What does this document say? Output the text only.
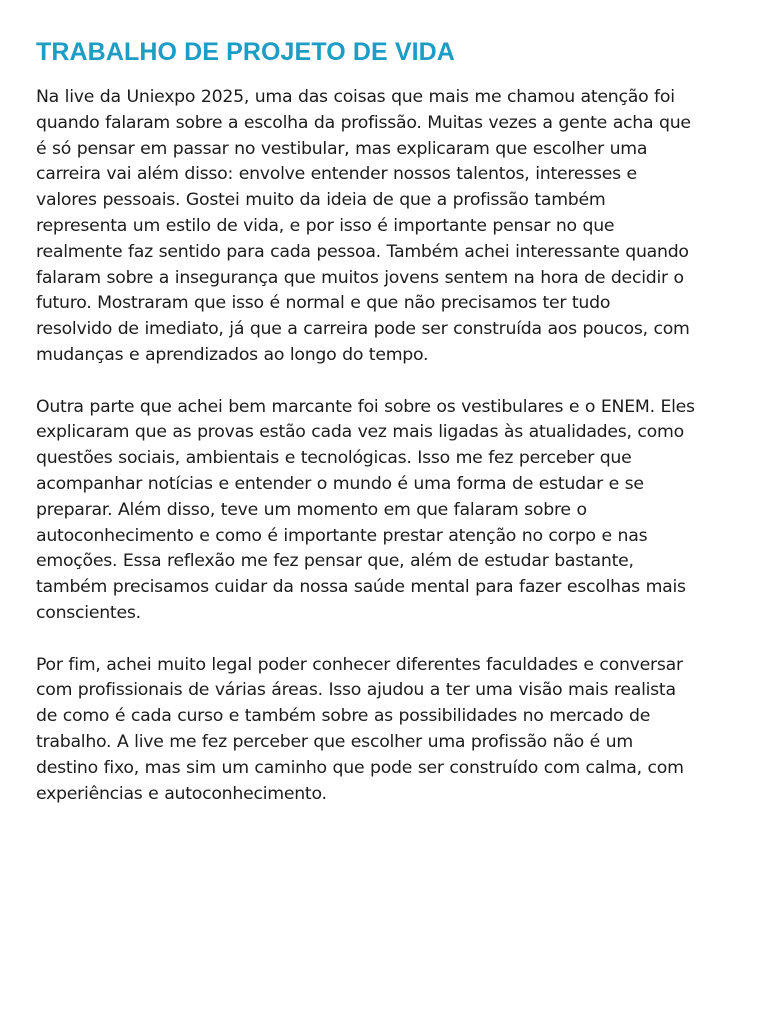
TRABALHO DE PROJETO DE VIDA

Na live da Uniexpo 2025, uma das coisas que mais me chamou atenção foi
quando falaram sobre a escolha da profissão. Muitas vezes a gente acha que
é só pensar em passar no vestibular, mas explicaram que escolher uma
carreira vai além disso: envolve entender nossos talentos, interesses e
valores pessoais. Gostei muito da ideia de que a profissão também
representa um estilo de vida, e por isso é importante pensar no que
realmente faz sentido para cada pessoa. Também achei interessante quando
falaram sobre a insegurança que muitos jovens sentem na hora de decidir o
futuro. Mostraram que isso é normal e que não precisamos ter tudo
resolvido de imediato, já que a carreira pode ser construída aos poucos, com
mudanças e aprendizados ao longo do tempo.

Outra parte que achei bem marcante foi sobre os vestibulares e o ENEM. Eles
explicaram que as provas estão cada vez mais ligadas às atualidades, como
questões sociais, ambientais e tecnológicas. Isso me fez perceber que
acompanhar notícias e entender o mundo é uma forma de estudar e se
preparar. Além disso, teve um momento em que falaram sobre o
autoconhecimento e como é importante prestar atenção no corpo e nas
emoções. Essa reflexão me fez pensar que, além de estudar bastante,
também precisamos cuidar da nossa saúde mental para fazer escolhas mais
conscientes.

Por fim, achei muito legal poder conhecer diferentes faculdades e conversar
com profissionais de várias áreas. Isso ajudou a ter uma visão mais realista
de como é cada curso e também sobre as possibilidades no mercado de
trabalho. A live me fez perceber que escolher uma profissão não é um
destino fixo, mas sim um caminho que pode ser construído com calma, com
experiências e autoconhecimento.
